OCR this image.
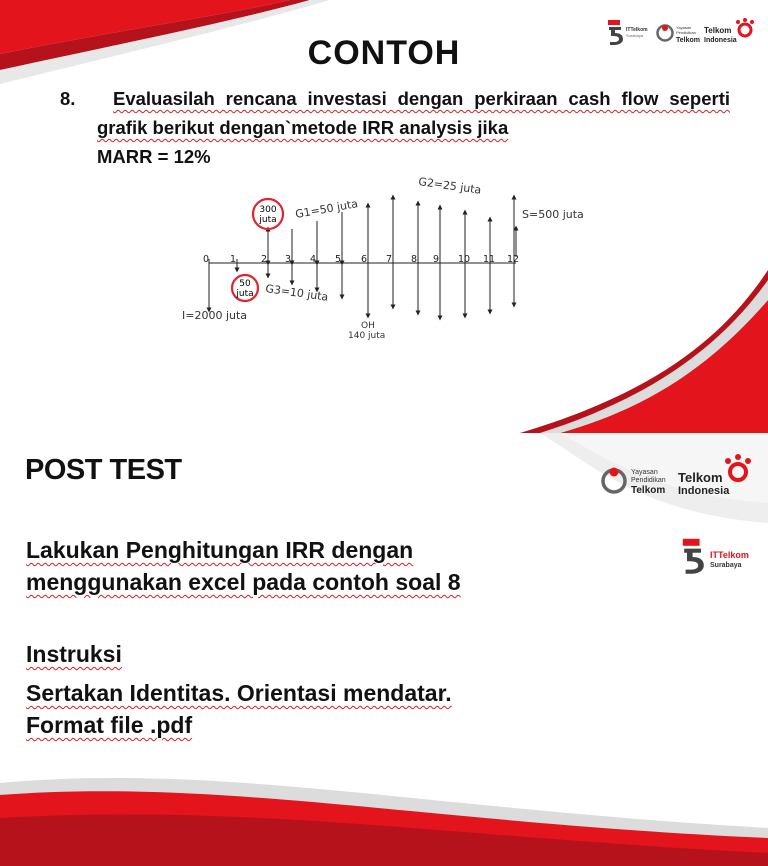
ITTelkom
Surabaya
Yayasan
Pendidikan
Telkom
Telkom
Indonesia
CONTOH
8.	Evaluasilah rencana investasi dengan perkiraan cash flow seperti grafik berikut dengan`metode IRR analysis jika
MARR = 12%
0 1	2 3 4 5 6 7 8 9 10 11 12
300
juta
50
juta
G1=50 juta
G2=25 juta
S=500 juta
G3=10 juta
I=2000 juta
OH
140 juta
POST TEST	Yayasan
Pendidikan
Telkom
Telkom
Indonesia
ITTelkom
Surabaya
Lakukan Penghitungan IRR dengan
menggunakan excel pada contoh soal 8
Instruksi
Sertakan Identitas. Orientasi mendatar.
Format file .pdf
